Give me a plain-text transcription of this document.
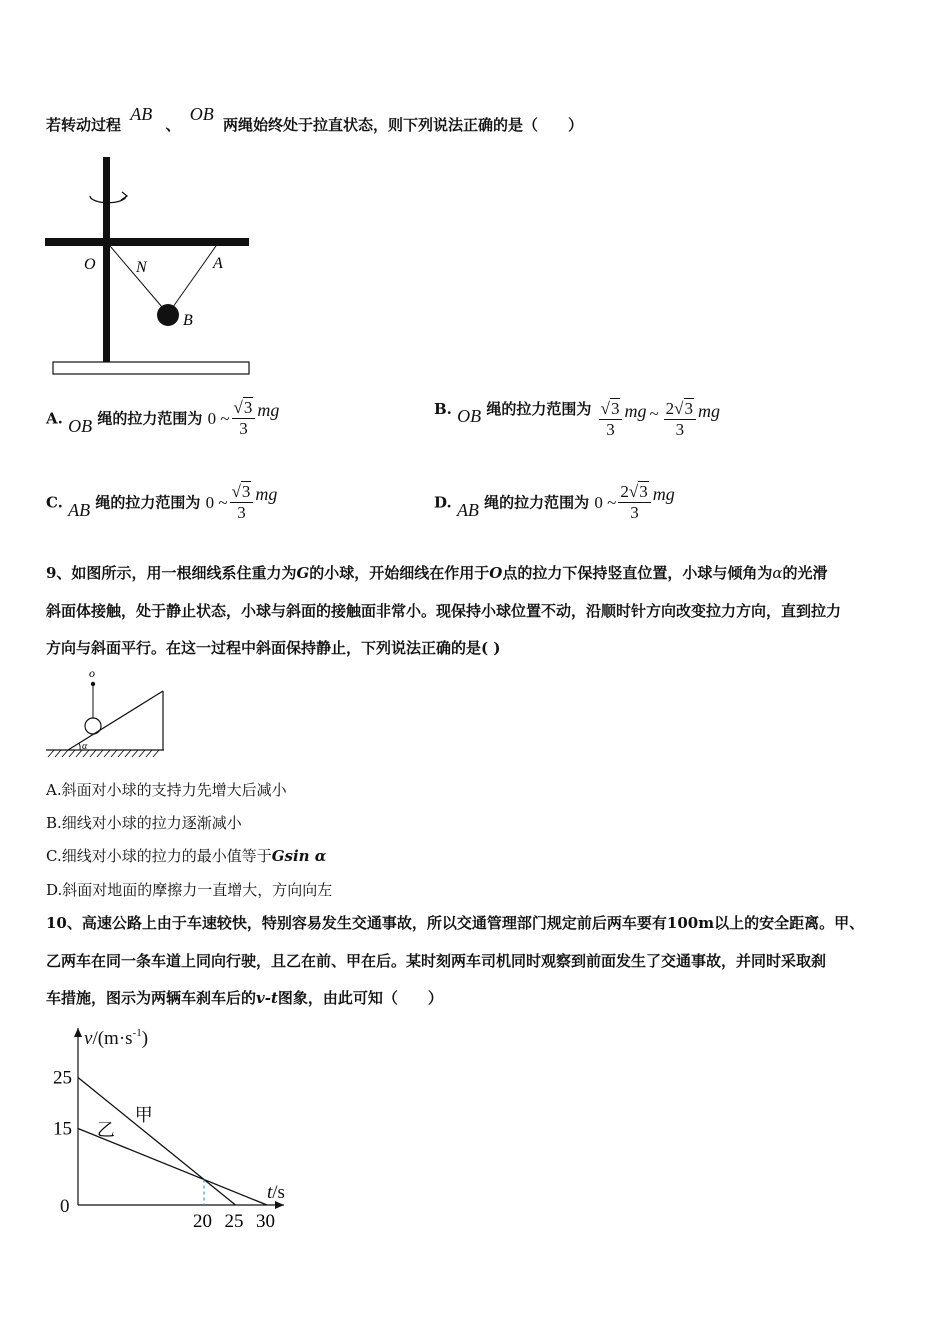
若转动过程 AB 、 OB 两绳始终处于拉直状态，则下列说法正确的是（　　）
O	N	A
B
A. OB 绳的拉力范围为 0 ~ $\frac{√3}{3}$ mg	B. OB 绳的拉力范围为 $\frac{√3}{3}$ mg ~ $\frac{2√3}{3}$ mg
C. AB 绳的拉力范围为 0 ~ $\frac{√3}{3}$ mg	D. AB 绳的拉力范围为 0 ~ $\frac{2√3}{3}$ mg
9、如图所示，用一根细线系住重力为G的小球，开始细线在作用于O点的拉力下保持竖直位置，小球与倾角为α的光滑
斜面体接触，处于静止状态，小球与斜面的接触面非常小。现保持小球位置不动，沿顺时针方向改变拉力方向，直到拉力
方向与斜面平行。在这一过程中斜面保持静止，下列说法正确的是( )
o
α
A.斜面对小球的支持力先增大后减小
B.细线对小球的拉力逐渐减小
C.细线对小球的拉力的最小值等于Gsin α
D.斜面对地面的摩擦力一直增大，方向向左
10、高速公路上由于车速较快，特别容易发生交通事故，所以交通管理部门规定前后两车要有100m以上的安全距离。甲、
乙两车在同一条车道上同向行驶，且乙在前、甲在后。某时刻两车司机同时观察到前面发生了交通事故，并同时采取刹
车措施，图示为两辆车刹车后的v-t图象，由此可知（　　）
$v/(m\cdot s^{-1})$
t/s
0
25
15
20 25 30
甲
乙
